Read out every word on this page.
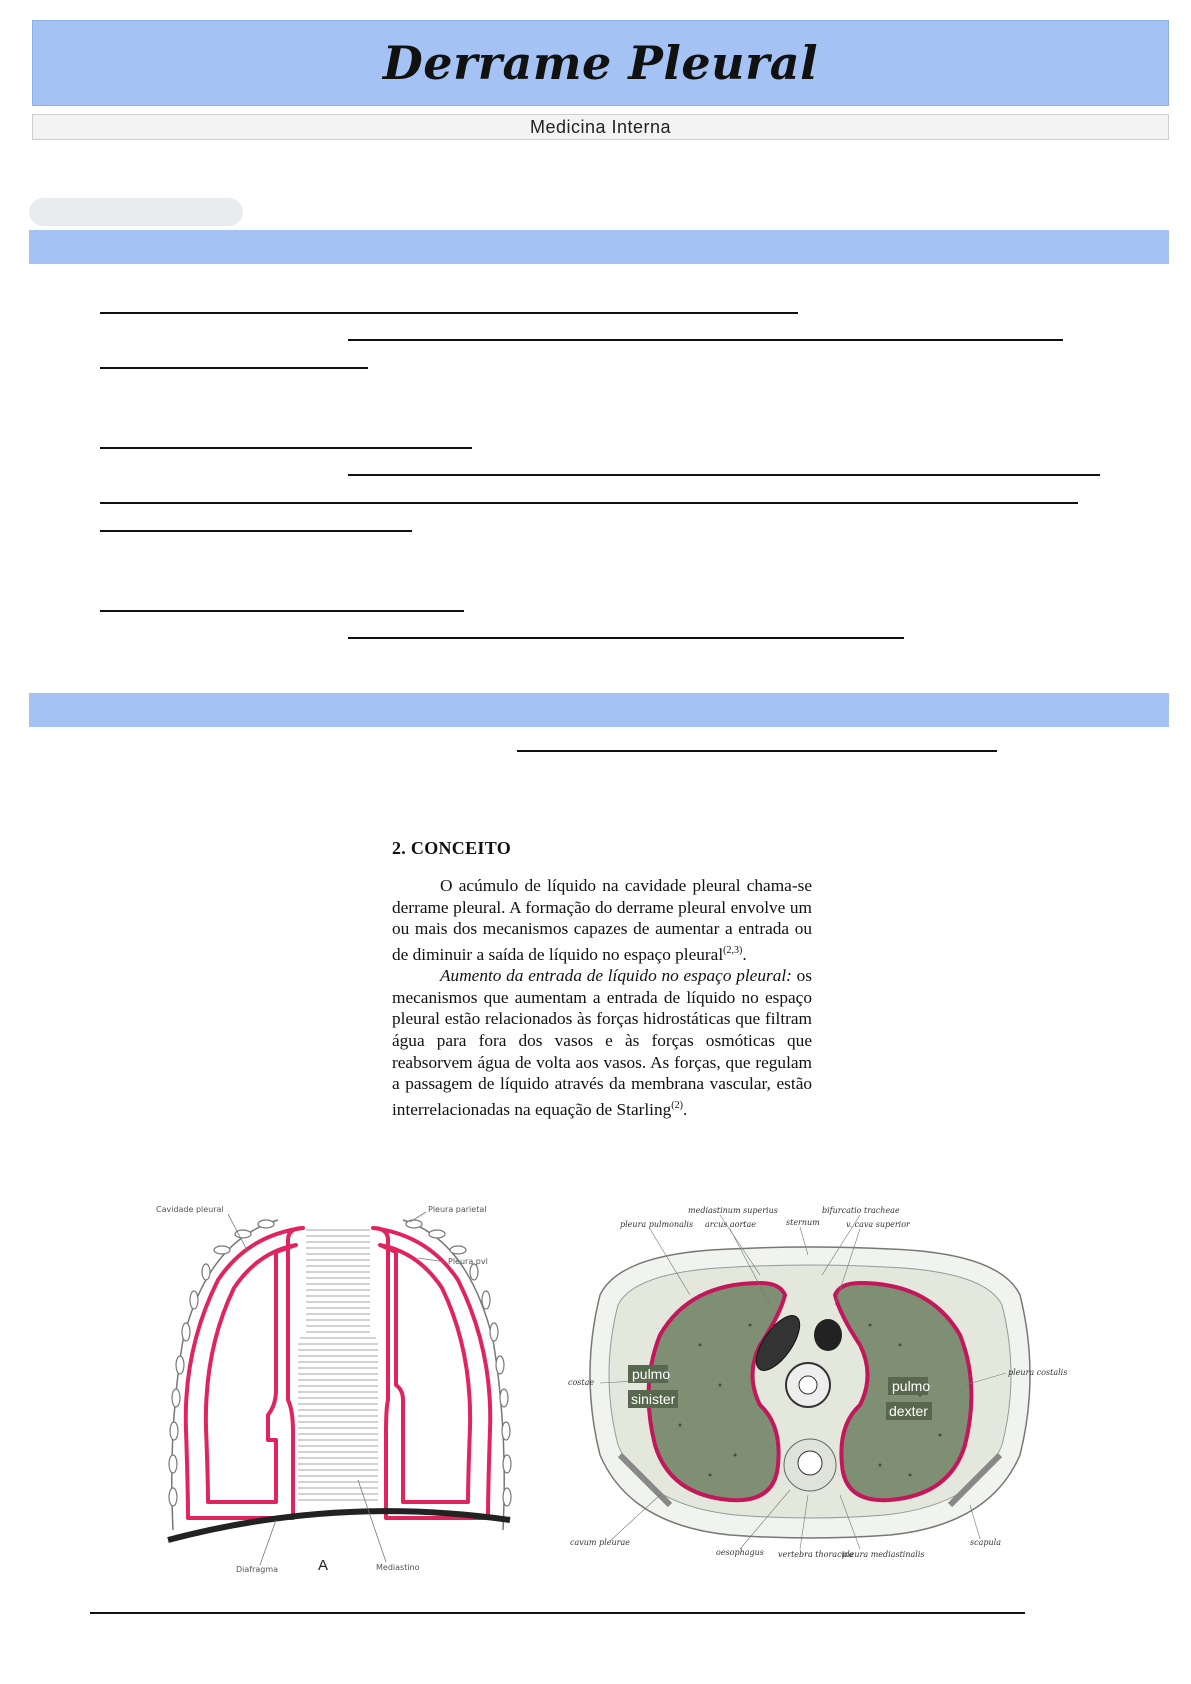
Derrame Pleural
Medicina Interna
2. CONCEITO

O acúmulo de líquido na cavidade pleural chama-se derrame pleural. A formação do derrame pleural envolve um ou mais dos mecanismos capazes de aumentar a entrada ou de diminuir a saída de líquido no espaço pleural$^{(2,3)}$.

Aumento da entrada de líquido no espaço pleural: os mecanismos que aumentam a entrada de líquido no espaço pleural estão relacionados às forças hidrostáticas que filtram água para fora dos vasos e às forças osmóticas que reabsorvem água de volta aos vasos. As forças, que regulam a passagem de líquido através da membrana vascular, estão interrelacionadas na equação de Starling$^{(2)}$.

Cavidade pleural	Pleura parietal
Pleura pvl
Diafragma	A	Mediastino
pulmo
sinister
pulmo
dexter
mediastinum superius	bifurcatio tracheae
pleura pulmonalis arcus aortae	sternum	v. cava superior
costae
pleura costalis
cavum pleurae
oesophagus vertebra thoracica
pleura mediastinalis
scapula
